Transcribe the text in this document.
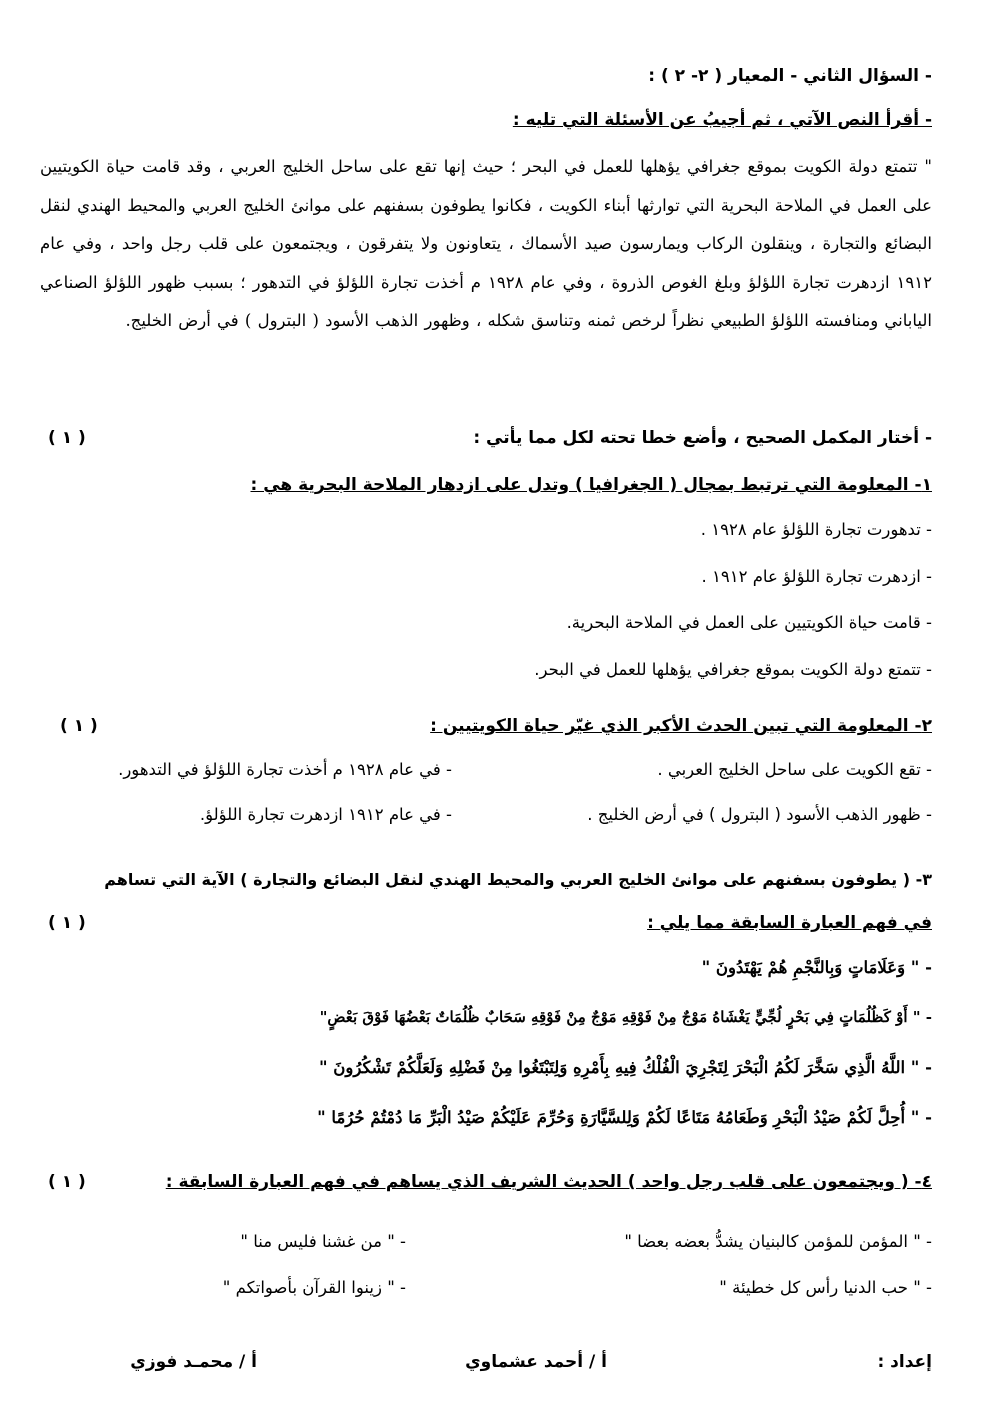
- السؤال الثاني - المعيار ( ٢- ٢ ) :
- أقرأ النص الآتي ، ثم أجيبُ عن الأسئلة التي تليه :
" تتمتع دولة الكويت بموقع جغرافي يؤهلها للعمل في البحر ؛ حيث إنها تقع على ساحل الخليج العربي ، وقد قامت حياة الكويتيين على العمل في الملاحة البحرية التي توارثها أبناء الكويت ، فكانوا يطوفون بسفنهم على موانئ الخليج العربي والمحيط الهندي لنقل البضائع والتجارة ، وينقلون الركاب ويمارسون صيد الأسماك ، يتعاونون ولا يتفرقون ، ويجتمعون على قلب رجل واحد ، وفي عام ١٩١٢ ازدهرت تجارة اللؤلؤ وبلغ الغوص الذروة ، وفي عام ١٩٢٨ م أخذت تجارة اللؤلؤ في التدهور ؛ بسبب ظهور اللؤلؤ الصناعي الياباني ومنافسته اللؤلؤ الطبيعي نظراً لرخص ثمنه وتناسق شكله ، وظهور الذهب الأسود ( البترول ) في أرض الخليج.
- أختار المكمل الصحيح ، وأضع خطا تحته لكل مما يأتي :
( ١ )
١- المعلومة التي ترتبط بمجال ( الجغرافيا ) وتدل على ازدهار الملاحة البحرية هي :
- تدهورت تجارة اللؤلؤ عام ١٩٢٨ .
- ازدهرت تجارة اللؤلؤ عام ١٩١٢ .
- قامت حياة الكويتيين على العمل في الملاحة البحرية.
- تتمتع دولة الكويت بموقع جغرافي يؤهلها للعمل في البحر.
٢- المعلومة التي تبين الحدث الأكبر الذي غيّر حياة الكويتيين :
( ١ )
- تقع الكويت على ساحل الخليج العربي .
- في عام ١٩٢٨ م أخذت تجارة اللؤلؤ في التدهور.
- ظهور الذهب الأسود ( البترول ) في أرض الخليج .
- في عام ١٩١٢ ازدهرت تجارة اللؤلؤ.
٣- ( يطوفون بسفنهم على موانئ الخليج العربي والمحيط الهندي لنقل البضائع والتجارة ) الآية التي تساهم
في فهم العبارة السابقة مما يلي :
( ١ )
- " وَعَلَامَاتٍ وَبِالنَّجْمِ هُمْ يَهْتَدُونَ "
- " أَوْ كَظُلُمَاتٍ فِي بَحْرٍ لُجِّيٍّ يَغْشَاهُ مَوْجٌ مِنْ فَوْقِهِ مَوْجٌ مِنْ فَوْقِهِ سَحَابٌ ظُلُمَاتٌ بَعْضُهَا فَوْقَ بَعْضٍ"
- " اللَّهُ الَّذِي سَخَّرَ لَكُمُ الْبَحْرَ لِتَجْرِيَ الْفُلْكُ فِيهِ بِأَمْرِهِ وَلِتَبْتَغُوا مِنْ فَضْلِهِ وَلَعَلَّكُمْ تَشْكُرُونَ "
- " أُحِلَّ لَكُمْ صَيْدُ الْبَحْرِ وَطَعَامُهُ مَتَاعًا لَكُمْ وَلِلسَّيَّارَةِ وَحُرِّمَ عَلَيْكُمْ صَيْدُ الْبَرِّ مَا دُمْتُمْ حُرُمًا "
٤- ( ويجتمعون على قلب رجل واحد ) الحديث الشريف الذي يساهم في فهم العبارة السابقة :
( ١ )
- " المؤمن للمؤمن كالبنيان يشدُّ بعضه بعضا "
- " من غشنا فليس منا "
- " حب الدنيا رأس كل خطيئة "
- " زينوا القرآن بأصواتكم "
إعداد :
أ / أحمد عشماوي
أ / محمـد فوزي
